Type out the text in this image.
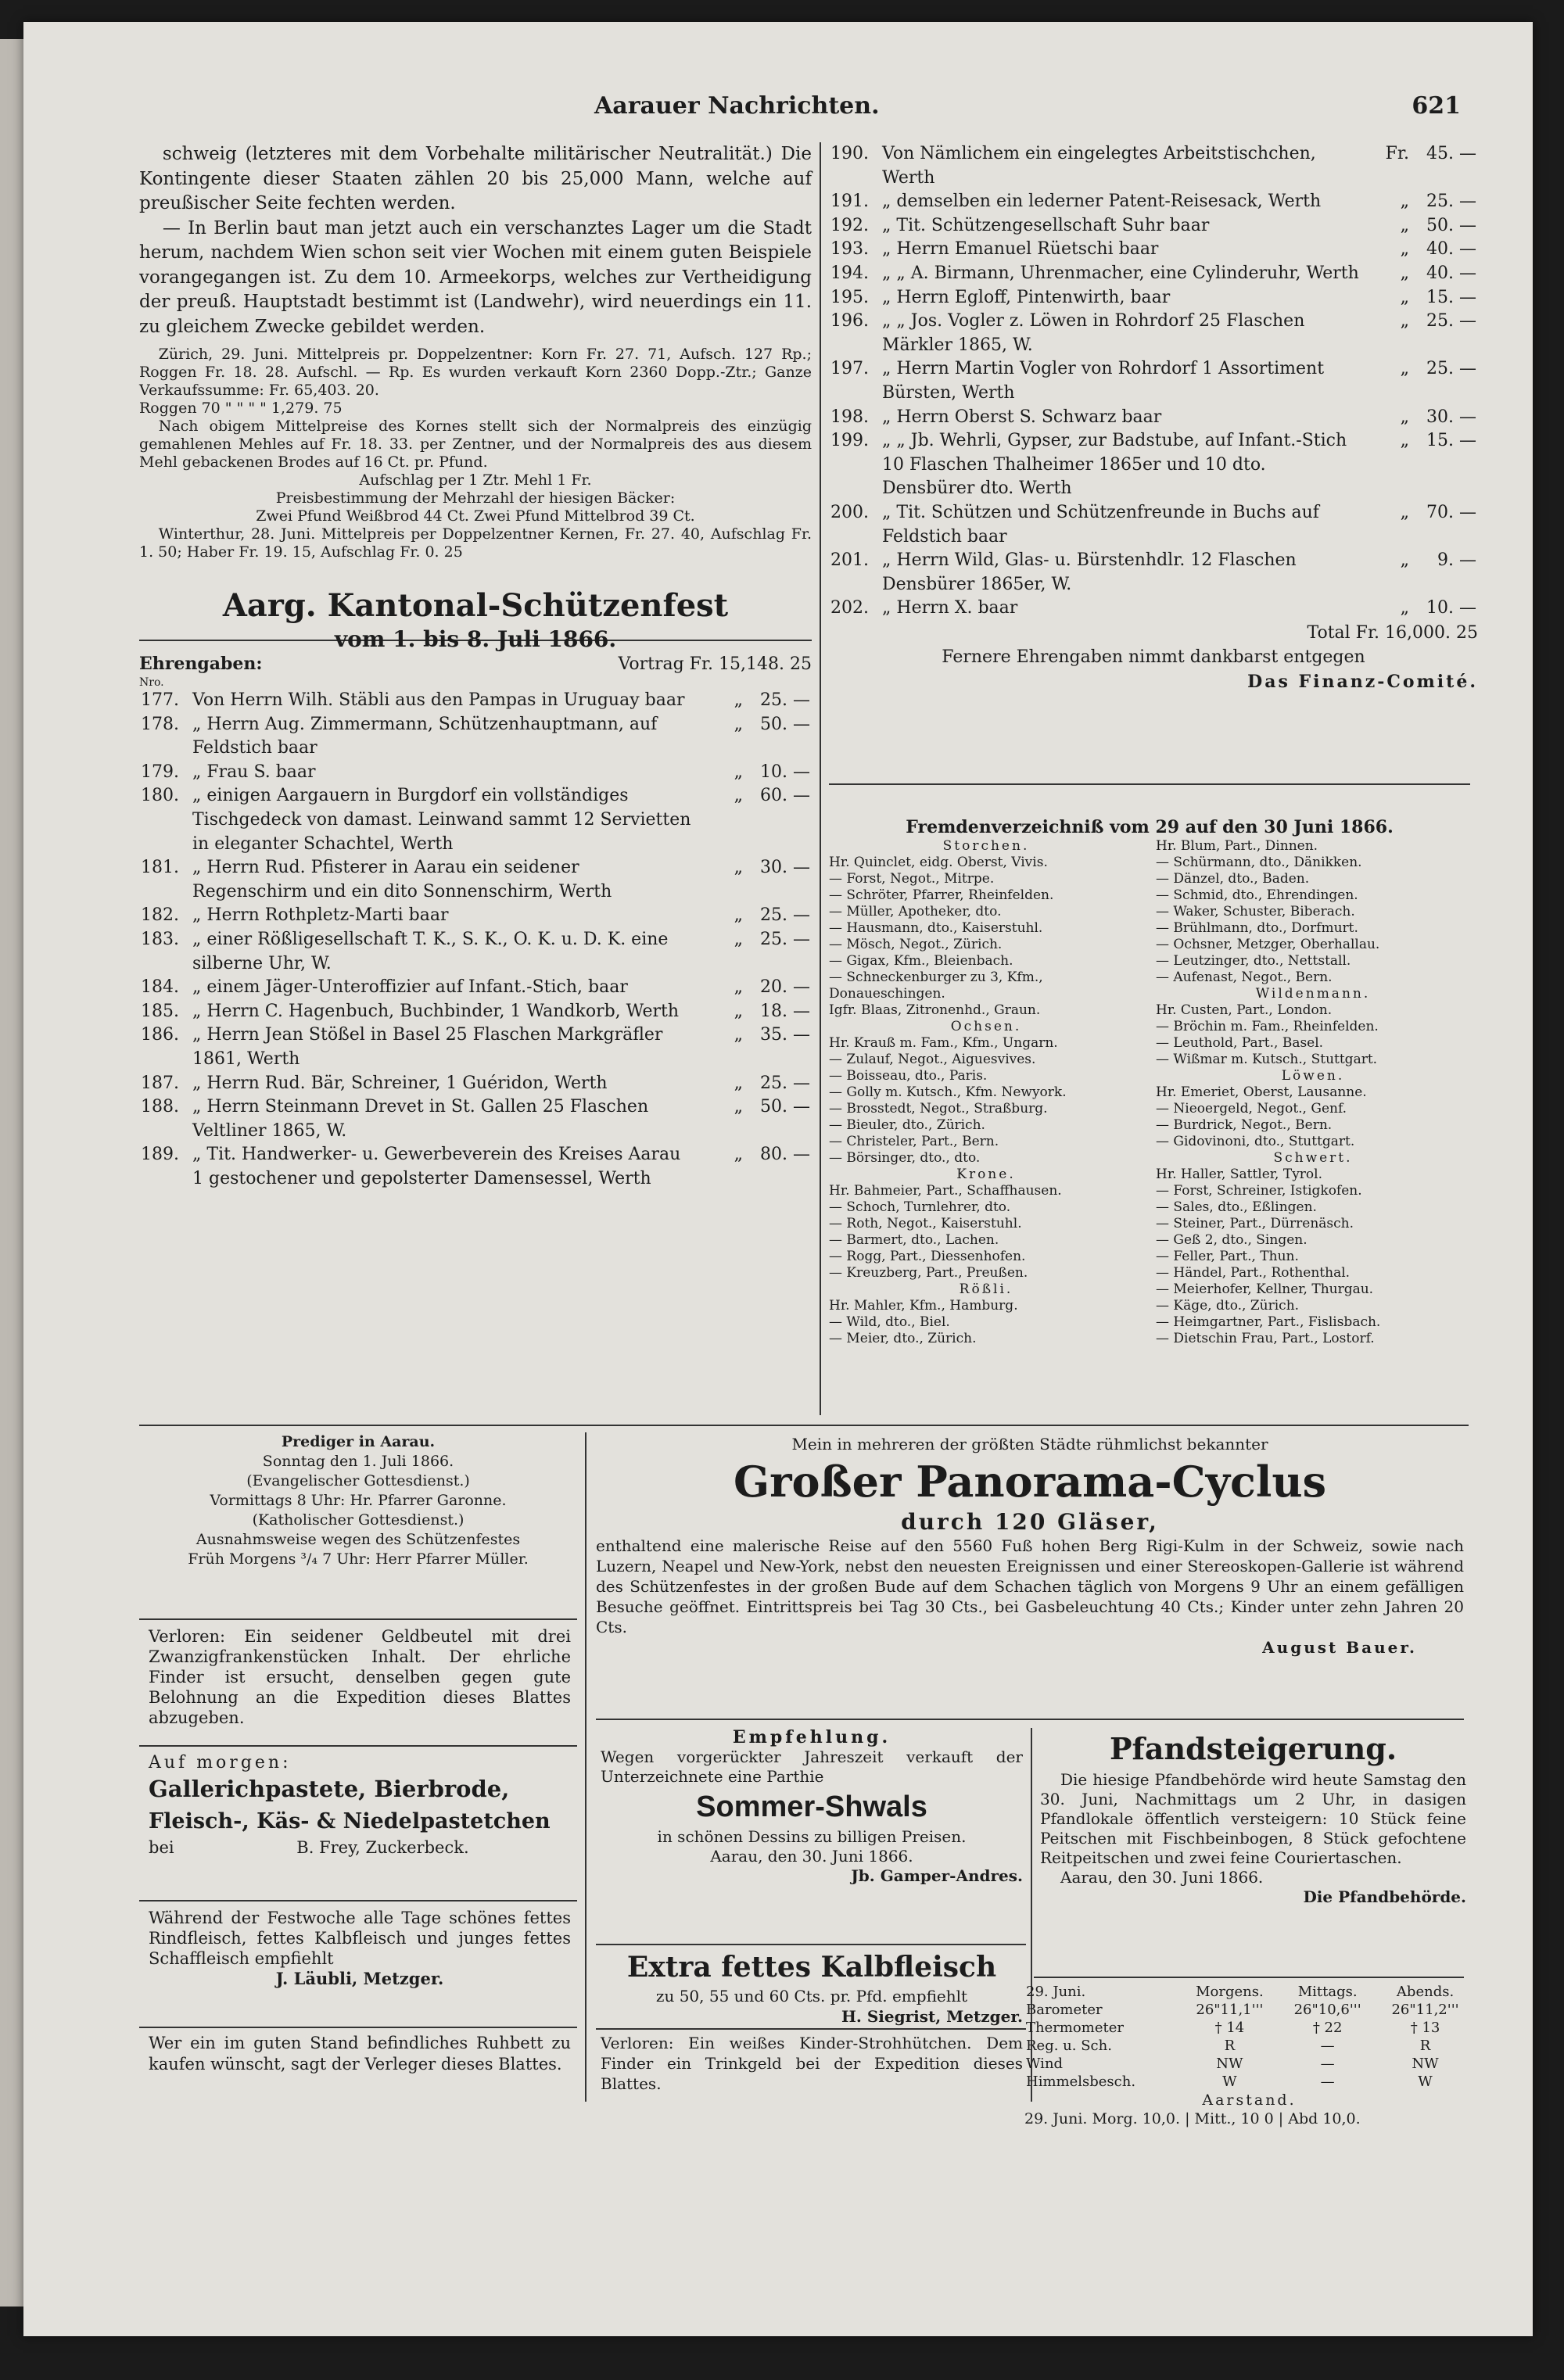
Aarauer Nachrichten.	621

schweig (letzteres mit dem Vorbehalte militärischer Neutralität.) Die Kontingente dieser Staaten zählen 20 bis 25,000 Mann, welche auf preußischer Seite fechten werden.

— In Berlin baut man jetzt auch ein verschanztes Lager um die Stadt herum, nachdem Wien schon seit vier Wochen mit einem guten Beispiele vorangegangen ist. Zu dem 10. Armeekorps, welches zur Vertheidigung der preuß. Hauptstadt bestimmt ist (Landwehr), wird neuerdings ein 11. zu gleichem Zwecke gebildet werden.

Zürich, 29. Juni. Mittelpreis pr. Doppelzentner: Korn Fr. 27. 71, Aufsch. 127 Rp.; Roggen Fr. 18. 28. Aufschl. — Rp. Es wurden verkauft Korn 2360 Dopp.-Ztr.; Ganze Verkaufssumme: Fr. 65,403. 20.

Roggen 70 " " " " 1,279. 75

Nach obigem Mittelpreise des Kornes stellt sich der Normalpreis des einzügig gemahlenen Mehles auf Fr. 18. 33. per Zentner, und der Normalpreis des aus diesem Mehl gebackenen Brodes auf 16 Ct. pr. Pfund.

Aufschlag per 1 Ztr. Mehl 1 Fr.

Preisbestimmung der Mehrzahl der hiesigen Bäcker:

Zwei Pfund Weißbrod 44 Ct. Zwei Pfund Mittelbrod 39 Ct.

Winterthur, 28. Juni. Mittelpreis per Doppelzentner Kernen, Fr. 27. 40, Aufschlag Fr. 1. 50; Haber Fr. 19. 15, Aufschlag Fr. 0. 25

Aarg. Kantonal-Schützenfest

vom 1. bis 8. Juli 1866.

Ehrengaben:	Vortrag Fr. 15,148. 25

Nro.

177.	Von Herrn Wilh. Stäbli aus den Pampas in Uruguay baar	„	25. —
178.	„ Herrn Aug. Zimmermann, Schützenhauptmann, auf Feldstich baar	„	50. —
179.	„ Frau S. baar	„	10. —
180.	„ einigen Aargauern in Burgdorf ein vollständiges Tischgedeck von damast. Leinwand sammt 12 Servietten in eleganter Schachtel, Werth	„	60. —
181.	„ Herrn Rud. Pfisterer in Aarau ein seidener Regenschirm und ein dito Sonnenschirm, Werth	„	30. —
182.	„ Herrn Rothpletz-Marti baar	„	25. —
183.	„ einer Rößligesellschaft T. K., S. K., O. K. u. D. K. eine silberne Uhr, W.	„	25. —
184.	„ einem Jäger-Unteroffizier auf Infant.-Stich, baar	„	20. —
185.	„ Herrn C. Hagenbuch, Buchbinder, 1 Wandkorb, Werth	„	18. —
186.	„ Herrn Jean Stößel in Basel 25 Flaschen Markgräfler 1861, Werth	„	35. —
187.	„ Herrn Rud. Bär, Schreiner, 1 Guéridon, Werth	„	25. —
188.	„ Herrn Steinmann Drevet in St. Gallen 25 Flaschen Veltliner 1865, W.	„	50. —
189.	„ Tit. Handwerker- u. Gewerbeverein des Kreises Aarau 1 gestochener und gepolsterter Damensessel, Werth	„	80. —
190.	Von Nämlichem ein eingelegtes Arbeitstischchen, Werth	Fr.	45. —
191.	„ demselben ein lederner Patent-Reisesack, Werth	„	25. —
192.	„ Tit. Schützengesellschaft Suhr baar	„	50. —
193.	„ Herrn Emanuel Rüetschi baar	„	40. —
194.	„ „ A. Birmann, Uhrenmacher, eine Cylinderuhr, Werth	„	40. —
195.	„ Herrn Egloff, Pintenwirth, baar	„	15. —
196.	„ „ Jos. Vogler z. Löwen in Rohrdorf 25 Flaschen Märkler 1865, W.	„	25. —
197.	„ Herrn Martin Vogler von Rohrdorf 1 Assortiment Bürsten, Werth	„	25. —
198.	„ Herrn Oberst S. Schwarz baar	„	30. —
199.	„ „ Jb. Wehrli, Gypser, zur Badstube, auf Infant.-Stich 10 Flaschen Thalheimer 1865er und 10 dto. Densbürer dto. Werth	„	15. —
200.	„ Tit. Schützen und Schützenfreunde in Buchs auf Feldstich baar	„	70. —
201.	„ Herrn Wild, Glas- u. Bürstenhdlr. 12 Flaschen Densbürer 1865er, W.	„	9. —
202.	„ Herrn X. baar	„	10. —

Total Fr. 16,000. 25

Fernere Ehrengaben nimmt dankbarst entgegen

Das Finanz-Comité.

Fremdenverzeichniß vom 29 auf den 30 Juni 1866.

Storchen.

Hr. Quinclet, eidg. Oberst, Vivis.

— Forst, Negot., Mitrpe.

— Schröter, Pfarrer, Rheinfelden.

— Müller, Apotheker, dto.

— Hausmann, dto., Kaiserstuhl.

— Mösch, Negot., Zürich.

— Gigax, Kfm., Bleienbach.

— Schneckenburger zu 3, Kfm., Donaueschingen.

Igfr. Blaas, Zitronenhd., Graun.

Ochsen.

Hr. Krauß m. Fam., Kfm., Ungarn.

— Zulauf, Negot., Aiguesvives.

— Boisseau, dto., Paris.

— Golly m. Kutsch., Kfm. Newyork.

— Brosstedt, Negot., Straßburg.

— Bieuler, dto., Zürich.

— Christeler, Part., Bern.

— Börsinger, dto., dto.

Krone.

Hr. Bahmeier, Part., Schaffhausen.

— Schoch, Turnlehrer, dto.

— Roth, Negot., Kaiserstuhl.

— Barmert, dto., Lachen.

— Rogg, Part., Diessenhofen.

— Kreuzberg, Part., Preußen.

Rößli.

Hr. Mahler, Kfm., Hamburg.

— Wild, dto., Biel.

— Meier, dto., Zürich.

Hr. Blum, Part., Dinnen.

— Schürmann, dto., Dänikken.

— Dänzel, dto., Baden.

— Schmid, dto., Ehrendingen.

— Waker, Schuster, Biberach.

— Brühlmann, dto., Dorfmurt.

— Ochsner, Metzger, Oberhallau.

— Leutzinger, dto., Nettstall.

— Aufenast, Negot., Bern.

Wildenmann.

Hr. Custen, Part., London.

— Bröchin m. Fam., Rheinfelden.

— Leuthold, Part., Basel.

— Wißmar m. Kutsch., Stuttgart.

Löwen.

Hr. Emeriet, Oberst, Lausanne.

— Nieoergeld, Negot., Genf.

— Burdrick, Negot., Bern.

— Gidovinoni, dto., Stuttgart.

Schwert.

Hr. Haller, Sattler, Tyrol.

— Forst, Schreiner, Istigkofen.

— Sales, dto., Eßlingen.

— Steiner, Part., Dürrenäsch.

— Geß 2, dto., Singen.

— Feller, Part., Thun.

— Händel, Part., Rothenthal.

— Meierhofer, Kellner, Thurgau.

— Käge, dto., Zürich.

— Heimgartner, Part., Fislisbach.

— Dietschin Frau, Part., Lostorf.

Prediger in Aarau.

Sonntag den 1. Juli 1866.

(Evangelischer Gottesdienst.)

Vormittags 8 Uhr: Hr. Pfarrer Garonne.

(Katholischer Gottesdienst.)

Ausnahmsweise wegen des Schützenfestes

Früh Morgens ³/₄ 7 Uhr: Herr Pfarrer Müller.

Verloren: Ein seidener Geldbeutel mit drei Zwanzigfrankenstücken Inhalt. Der ehrliche Finder ist ersucht, denselben gegen gute Belohnung an die Expedition dieses Blattes abzugeben.

Auf morgen:

Gallerichpastete, Bierbrode,

Fleisch-, Käs- & Niedelpastetchen

bei	B. Frey, Zuckerbeck.

Während der Festwoche alle Tage schönes fettes Rindfleisch, fettes Kalbfleisch und junges fettes Schaffleisch empfiehlt

J. Läubli, Metzger.

Wer ein im guten Stand befindliches Ruhbett zu kaufen wünscht, sagt der Verleger dieses Blattes.

Mein in mehreren der größten Städte rühmlichst bekannter

Großer Panorama-Cyclus

durch 120 Gläser,

enthaltend eine malerische Reise auf den 5560 Fuß hohen Berg Rigi-Kulm in der Schweiz, sowie nach Luzern, Neapel und New-York, nebst den neuesten Ereignissen und einer Stereoskopen-Gallerie ist während des Schützenfestes in der großen Bude auf dem Schachen täglich von Morgens 9 Uhr an einem gefälligen Besuche geöffnet. Eintrittspreis bei Tag 30 Cts., bei Gasbeleuchtung 40 Cts.; Kinder unter zehn Jahren 20 Cts.

August Bauer.

Empfehlung.

Wegen vorgerückter Jahreszeit verkauft der Unterzeichnete eine Parthie

Sommer-Shwals

in schönen Dessins zu billigen Preisen.

Aarau, den 30. Juni 1866.

Jb. Gamper-Andres.

Extra fettes Kalbfleisch

zu 50, 55 und 60 Cts. pr. Pfd. empfiehlt

H. Siegrist, Metzger.

Verloren: Ein weißes Kinder-Strohhütchen. Dem Finder ein Trinkgeld bei der Expedition dieses Blattes.

Pfandsteigerung.

Die hiesige Pfandbehörde wird heute Samstag den 30. Juni, Nachmittags um 2 Uhr, in dasigen Pfandlokale öffentlich versteigern: 10 Stück feine Peitschen mit Fischbeinbogen, 8 Stück gefochtene Reitpeitschen und zwei feine Couriertaschen.

Aarau, den 30. Juni 1866.

Die Pfandbehörde.

29. Juni.	Morgens.	Mittags.	Abends.
Barometer	26"11,1'''	26"10,6'''	26"11,2'''
Thermometer	† 14	† 22	† 13
Reg. u. Sch.	R	—	R
Wind	NW	—	NW
Himmelsbesch.	W	—	W

Aarstand.

29. Juni. Morg. 10,0. | Mitt., 10 0 | Abd 10,0.
